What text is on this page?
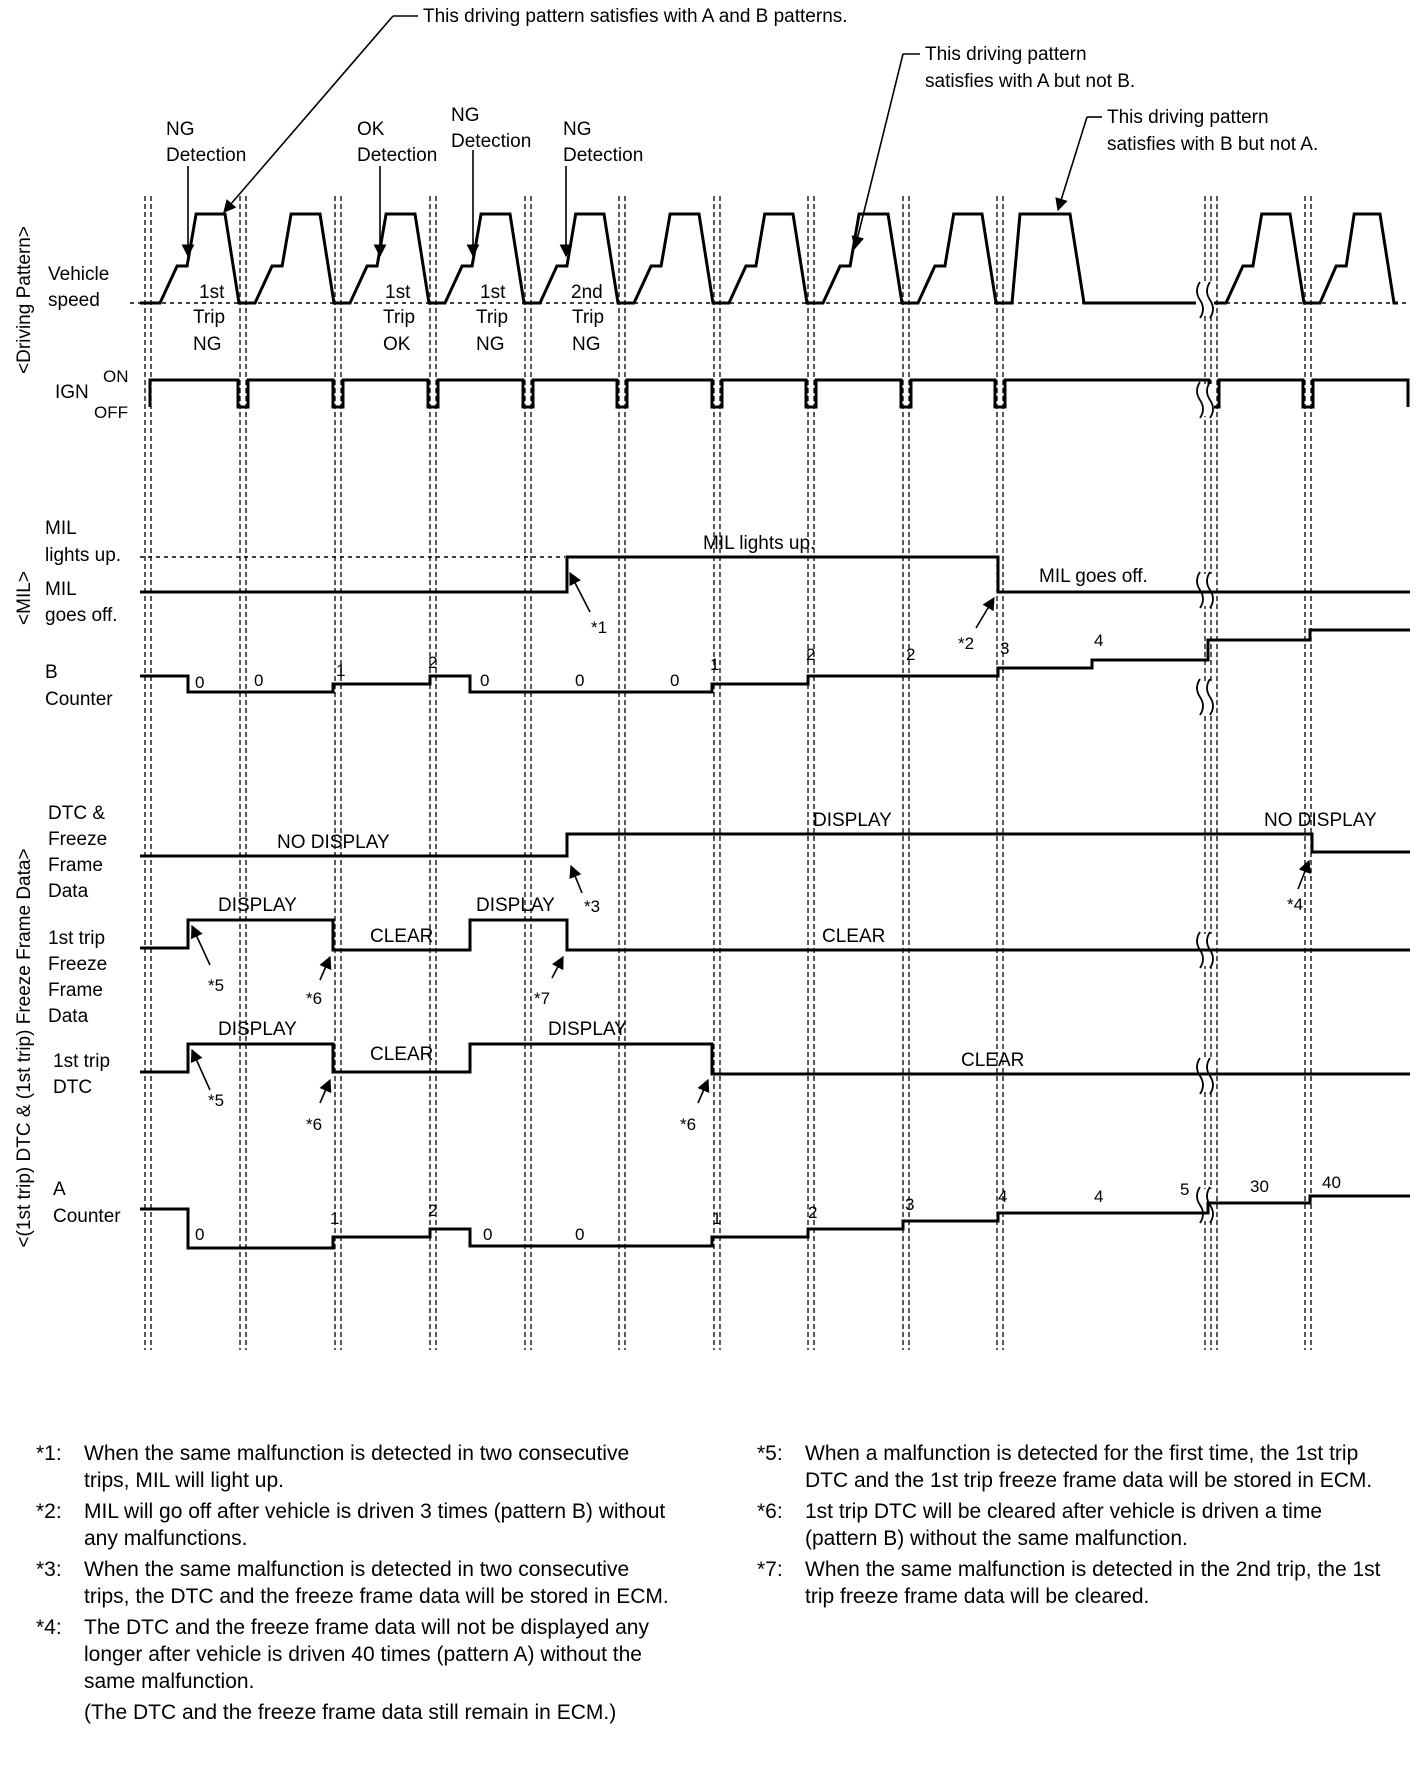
Vehicle
speed
IGN
ON
OFF
1st
Trip
NG
1st
Trip
OK
1st
Trip
NG
2nd
Trip
NG
NG
Detection
OK
Detection
NG
Detection
NG
Detection
This driving pattern satisfies with A and B patterns.
This driving pattern
satisfies with A but not B.
This driving pattern
satisfies with B but not A.
MIL
lights up.
MIL
goes off.
MIL lights up.
MIL goes off.
*1
*2
B
Counter
0	0
1	2
0	0	0
1
2	2	3	4
DTC &
Freeze
Frame
Data
NO DISPLAY
DISPLAY	NO DISPLAY
*3	*4
1st trip
Freeze
Frame
Data
DISPLAY
CLEAR
DISPLAY
CLEAR
*5
*6	*7
1st trip
DTC
DISPLAY
CLEAR
DISPLAY
CLEAR
*5
*6	*6
A
Counter
0
1	2
0	0
1	2	3	4	4	5	30	40
<Driving Pattern>
<MIL>
<(1st trip) DTC & (1st trip) Freeze Frame Data>
*1:	When the same malfunction is detected in two consecutive trips, MIL will light up.
*2:	MIL will go off after vehicle is driven 3 times (pattern B) without any malfunctions.
*3:	When the same malfunction is detected in two consecutive trips, the DTC and the freeze frame data will be stored in ECM.
*4:	The DTC and the freeze frame data will not be displayed any longer after vehicle is driven 40 times (pattern A) without the same malfunction.
(The DTC and the freeze frame data still remain in ECM.)
*5:	When a malfunction is detected for the first time, the 1st trip DTC and the 1st trip freeze frame data will be stored in ECM.
*6:	1st trip DTC will be cleared after vehicle is driven a time (pattern B) without the same malfunction.
*7:	When the same malfunction is detected in the 2nd trip, the 1st trip freeze frame data will be cleared.
